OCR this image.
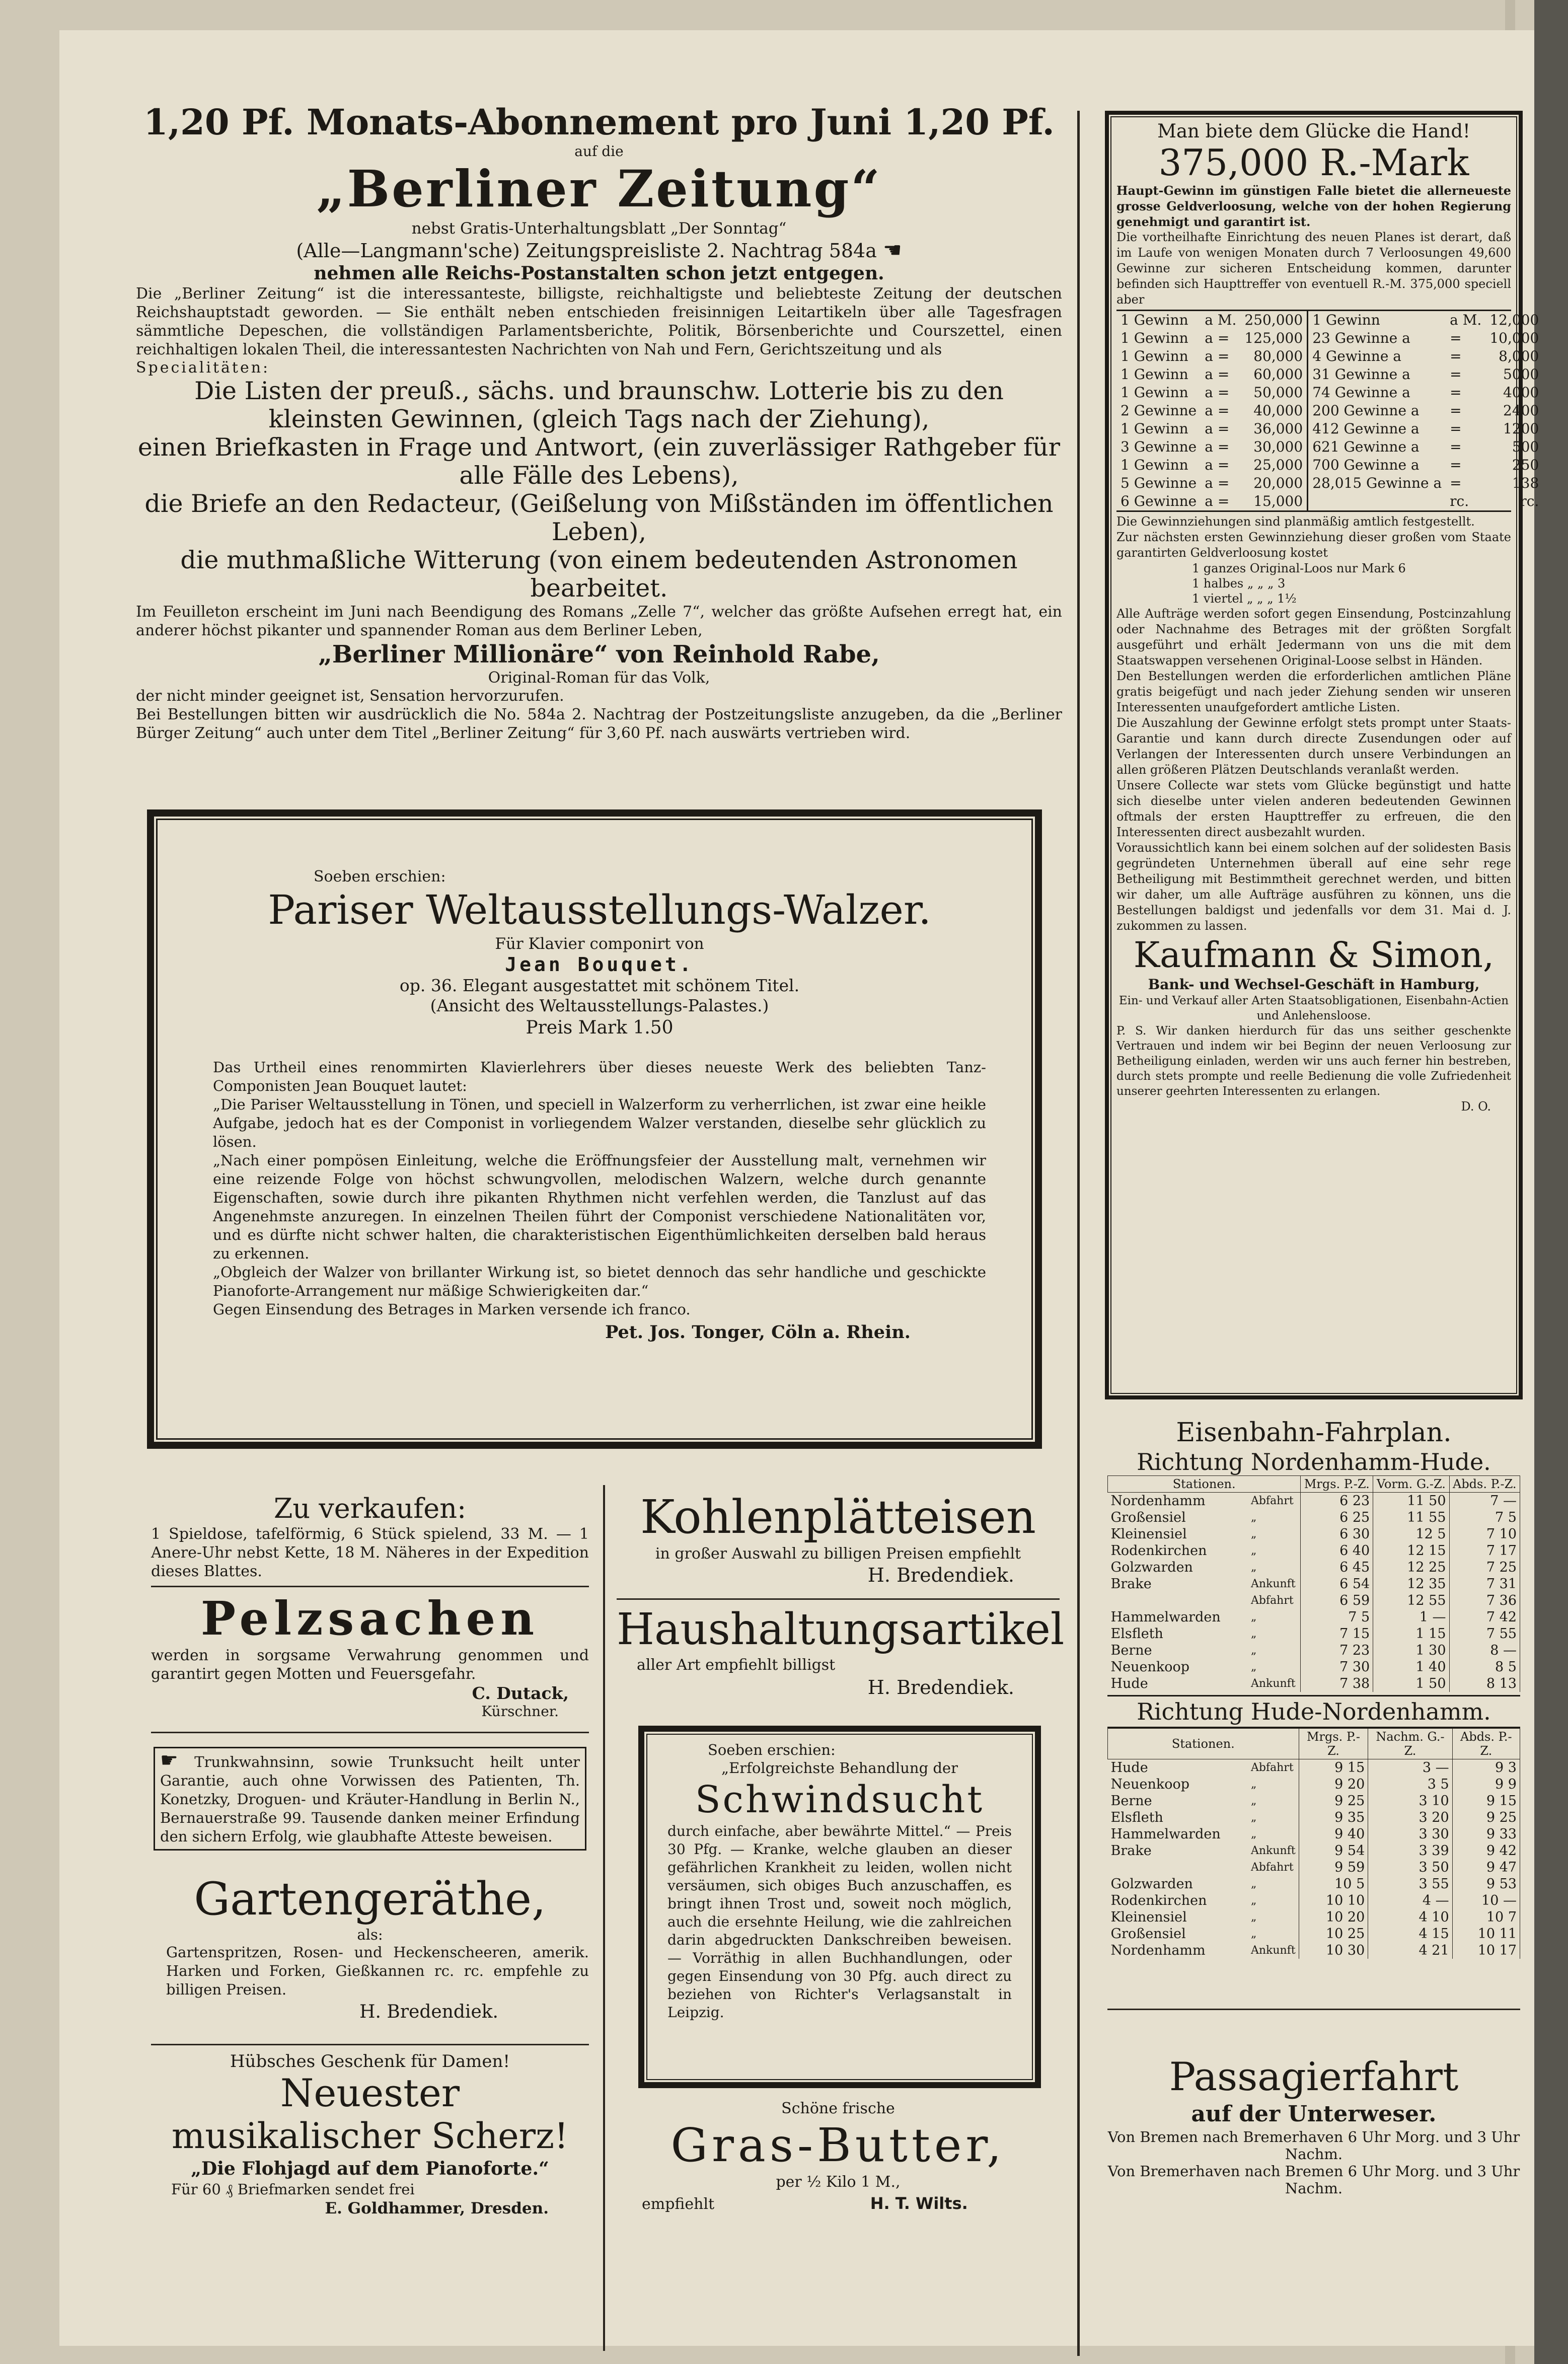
1,20 Pf. Monats-Abonnement pro Juni 1,20 Pf.

auf die

„Berliner Zeitung“

nebst Gratis-Unterhaltungsblatt „Der Sonntag“

(Alle—Langmann'sche) Zeitungspreisliste 2. Nachtrag 584a ☚

nehmen alle Reichs-Postanstalten schon jetzt entgegen.

Die „Berliner Zeitung“ ist die interessanteste, billigste, reichhaltigste und beliebteste Zeitung der deutschen Reichshauptstadt geworden. — Sie enthält neben entschieden freisinnigen Leitartikeln über alle Tagesfragen sämmtliche Depeschen, die vollständigen Parlamentsberichte, Politik, Börsenberichte und Courszettel, einen reichhaltigen lokalen Theil, die interessantesten Nachrichten von Nah und Fern, Gerichtszeitung und als

Specialitäten:

Die Listen der preuß., sächs. und braunschw. Lotterie bis zu den kleinsten Gewinnen, (gleich Tags nach der Ziehung),

einen Briefkasten in Frage und Antwort, (ein zuverlässiger Rathgeber für alle Fälle des Lebens),

die Briefe an den Redacteur, (Geißelung von Mißständen im öffentlichen Leben),

die muthmaßliche Witterung (von einem bedeutenden Astronomen bearbeitet.

Im Feuilleton erscheint im Juni nach Beendigung des Romans „Zelle 7“, welcher das größte Aufsehen erregt hat, ein anderer höchst pikanter und spannender Roman aus dem Berliner Leben,

„Berliner Millionäre“ von Reinhold Rabe,

Original-Roman für das Volk,

der nicht minder geeignet ist, Sensation hervorzurufen.

Bei Bestellungen bitten wir ausdrücklich die No. 584a 2. Nachtrag der Postzeitungsliste anzugeben, da die „Berliner Bürger Zeitung“ auch unter dem Titel „Berliner Zeitung“ für 3,60 Pf. nach auswärts vertrieben wird.

Soeben erschien:

Pariser Weltausstellungs-Walzer.

Für Klavier componirt von

Jean Bouquet.

op. 36. Elegant ausgestattet mit schönem Titel.

(Ansicht des Weltausstellungs-Palastes.)

Preis Mark 1.50

Das Urtheil eines renommirten Klavierlehrers über dieses neueste Werk des beliebten Tanz-Componisten Jean Bouquet lautet:

„Die Pariser Weltausstellung in Tönen, und speciell in Walzerform zu verherrlichen, ist zwar eine heikle Aufgabe, jedoch hat es der Componist in vorliegendem Walzer verstanden, dieselbe sehr glücklich zu lösen.

„Nach einer pompösen Einleitung, welche die Eröffnungsfeier der Ausstellung malt, vernehmen wir eine reizende Folge von höchst schwungvollen, melodischen Walzern, welche durch genannte Eigenschaften, sowie durch ihre pikanten Rhythmen nicht verfehlen werden, die Tanzlust auf das Angenehmste anzuregen. In einzelnen Theilen führt der Componist verschiedene Nationalitäten vor, und es dürfte nicht schwer halten, die charakteristischen Eigenthümlichkeiten derselben bald heraus zu erkennen.

„Obgleich der Walzer von brillanter Wirkung ist, so bietet dennoch das sehr handliche und geschickte Pianoforte-Arrangement nur mäßige Schwierigkeiten dar.“

Gegen Einsendung des Betrages in Marken versende ich franco.

Pet. Jos. Tonger, Cöln a. Rhein.

Man biete dem Glücke die Hand!

375,000 R.-Mark

Haupt-Gewinn im günstigen Falle bietet die allerneueste grosse Geldverloosung, welche von der hohen Regierung genehmigt und garantirt ist.

Die vortheilhafte Einrichtung des neuen Planes ist derart, daß im Laufe von wenigen Monaten durch 7 Verloosungen 49,600 Gewinne zur sicheren Entscheidung kommen, darunter befinden sich Haupttreffer von eventuell R.-M. 375,000 speciell aber

1 Gewinn	a M.	250,000	1 Gewinn	a M.	12,000
1 Gewinn	a =	125,000	23 Gewinne a	=	10,000
1 Gewinn	a =	80,000	4 Gewinne a	=	8,000
1 Gewinn	a =	60,000	31 Gewinne a	=	5000
1 Gewinn	a =	50,000	74 Gewinne a	=	4000
2 Gewinne	a =	40,000	200 Gewinne a	=	2400
1 Gewinn	a =	36,000	412 Gewinne a	=	1200
3 Gewinne	a =	30,000	621 Gewinne a	=	500
1 Gewinn	a =	25,000	700 Gewinne a	=	250
5 Gewinne	a =	20,000	28,015 Gewinne a	=	138
6 Gewinne	a =	15,000		rc.	rc.

Die Gewinnziehungen sind planmäßig amtlich festgestellt.

Zur nächsten ersten Gewinnziehung dieser großen vom Staate garantirten Geldverloosung kostet

1 ganzes Original-Loos nur Mark 6

1 halbes „ „ „ 3

1 viertel „ „ „ 1½

Alle Aufträge werden sofort gegen Einsendung, Postcinzahlung oder Nachnahme des Betrages mit der größten Sorgfalt ausgeführt und erhält Jedermann von uns die mit dem Staatswappen versehenen Original-Loose selbst in Händen.

Den Bestellungen werden die erforderlichen amtlichen Pläne gratis beigefügt und nach jeder Ziehung senden wir unseren Interessenten unaufgefordert amtliche Listen.

Die Auszahlung der Gewinne erfolgt stets prompt unter Staats-Garantie und kann durch directe Zusendungen oder auf Verlangen der Interessenten durch unsere Verbindungen an allen größeren Plätzen Deutschlands veranlaßt werden.

Unsere Collecte war stets vom Glücke begünstigt und hatte sich dieselbe unter vielen anderen bedeutenden Gewinnen oftmals der ersten Haupttreffer zu erfreuen, die den Interessenten direct ausbezahlt wurden.

Voraussichtlich kann bei einem solchen auf der solidesten Basis gegründeten Unternehmen überall auf eine sehr rege Betheiligung mit Bestimmtheit gerechnet werden, und bitten wir daher, um alle Aufträge ausführen zu können, uns die Bestellungen baldigst und jedenfalls vor dem 31. Mai d. J. zukommen zu lassen.

Kaufmann & Simon,

Bank- und Wechsel-Geschäft in Hamburg,

Ein- und Verkauf aller Arten Staatsobligationen, Eisenbahn-Actien und Anlehensloose.

P. S. Wir danken hierdurch für das uns seither geschenkte Vertrauen und indem wir bei Beginn der neuen Verloosung zur Betheiligung einladen, werden wir uns auch ferner hin bestreben, durch stets prompte und reelle Bedienung die volle Zufriedenheit unserer geehrten Interessenten zu erlangen.

D. O.

Eisenbahn-Fahrplan.

Richtung Nordenhamm-Hude.

Stationen.		Mrgs. P.-Z.	Vorm. G.-Z.	Abds. P.-Z.
Nordenhamm	Abfahrt	6 23	11 50	7 —
Großensiel	„	6 25	11 55	7 5
Kleinensiel	„	6 30	12 5	7 10
Rodenkirchen	„	6 40	12 15	7 17
Golzwarden	„	6 45	12 25	7 25
Brake	Ankunft	6 54	12 35	7 31
	Abfahrt	6 59	12 55	7 36
Hammelwarden	„	7 5	1 —	7 42
Elsfleth	„	7 15	1 15	7 55
Berne	„	7 23	1 30	8 —
Neuenkoop	„	7 30	1 40	8 5
Hude	Ankunft	7 38	1 50	8 13

Richtung Hude-Nordenhamm.

Stationen.		Mrgs. P.-Z.	Nachm. G.-Z.	Abds. P.-Z.
Hude	Abfahrt	9 15	3 —	9 3
Neuenkoop	„	9 20	3 5	9 9
Berne	„	9 25	3 10	9 15
Elsfleth	„	9 35	3 20	9 25
Hammelwarden	„	9 40	3 30	9 33
Brake	Ankunft	9 54	3 39	9 42
	Abfahrt	9 59	3 50	9 47
Golzwarden	„	10 5	3 55	9 53
Rodenkirchen	„	10 10	4 —	10 —
Kleinensiel	„	10 20	4 10	10 7
Großensiel	„	10 25	4 15	10 11
Nordenhamm	Ankunft	10 30	4 21	10 17

Passagierfahrt

auf der Unterweser.

Von Bremen nach Bremerhaven 6 Uhr Morg. und 3 Uhr Nachm.

Von Bremerhaven nach Bremen 6 Uhr Morg. und 3 Uhr Nachm.

Zu verkaufen:

1 Spieldose, tafelförmig, 6 Stück spielend, 33 M. — 1 Anere-Uhr nebst Kette, 18 M. Näheres in der Expedition dieses Blattes.

Pelzsachen

werden in sorgsame Verwahrung genommen und garantirt gegen Motten und Feuersgefahr.

C. Dutack,

Kürschner.

☛ Trunkwahnsinn, sowie Trunksucht heilt unter Garantie, auch ohne Vorwissen des Patienten, Th. Konetzky, Droguen- und Kräuter-Handlung in Berlin N., Bernauerstraße 99. Tausende danken meiner Erfindung den sichern Erfolg, wie glaubhafte Atteste beweisen.

Gartengeräthe,

als:

Gartenspritzen, Rosen- und Heckenscheeren, amerik. Harken und Forken, Gießkannen rc. rc. empfehle zu billigen Preisen.

H. Bredendiek.

Hübsches Geschenk für Damen!

Neuester

musikalischer Scherz!

„Die Flohjagd auf dem Pianoforte.“

Für 60 ₰ Briefmarken sendet frei

E. Goldhammer, Dresden.

Kohlenplätteisen

in großer Auswahl zu billigen Preisen empfiehlt

H. Bredendiek.

Haushaltungsartikel

aller Art empfiehlt billigst

H. Bredendiek.

Soeben erschien:

„Erfolgreichste Behandlung der

Schwindsucht

durch einfache, aber bewährte Mittel.“ — Preis 30 Pfg. — Kranke, welche glauben an dieser gefährlichen Krankheit zu leiden, wollen nicht versäumen, sich obiges Buch anzuschaffen, es bringt ihnen Trost und, soweit noch möglich, auch die ersehnte Heilung, wie die zahlreichen darin abgedruckten Dankschreiben beweisen. — Vorräthig in allen Buchhandlungen, oder gegen Einsendung von 30 Pfg. auch direct zu beziehen von Richter's Verlagsanstalt in Leipzig.

Schöne frische

Gras-Butter,

per ½ Kilo 1 M.,

empfiehlt	H. T. Wilts.
